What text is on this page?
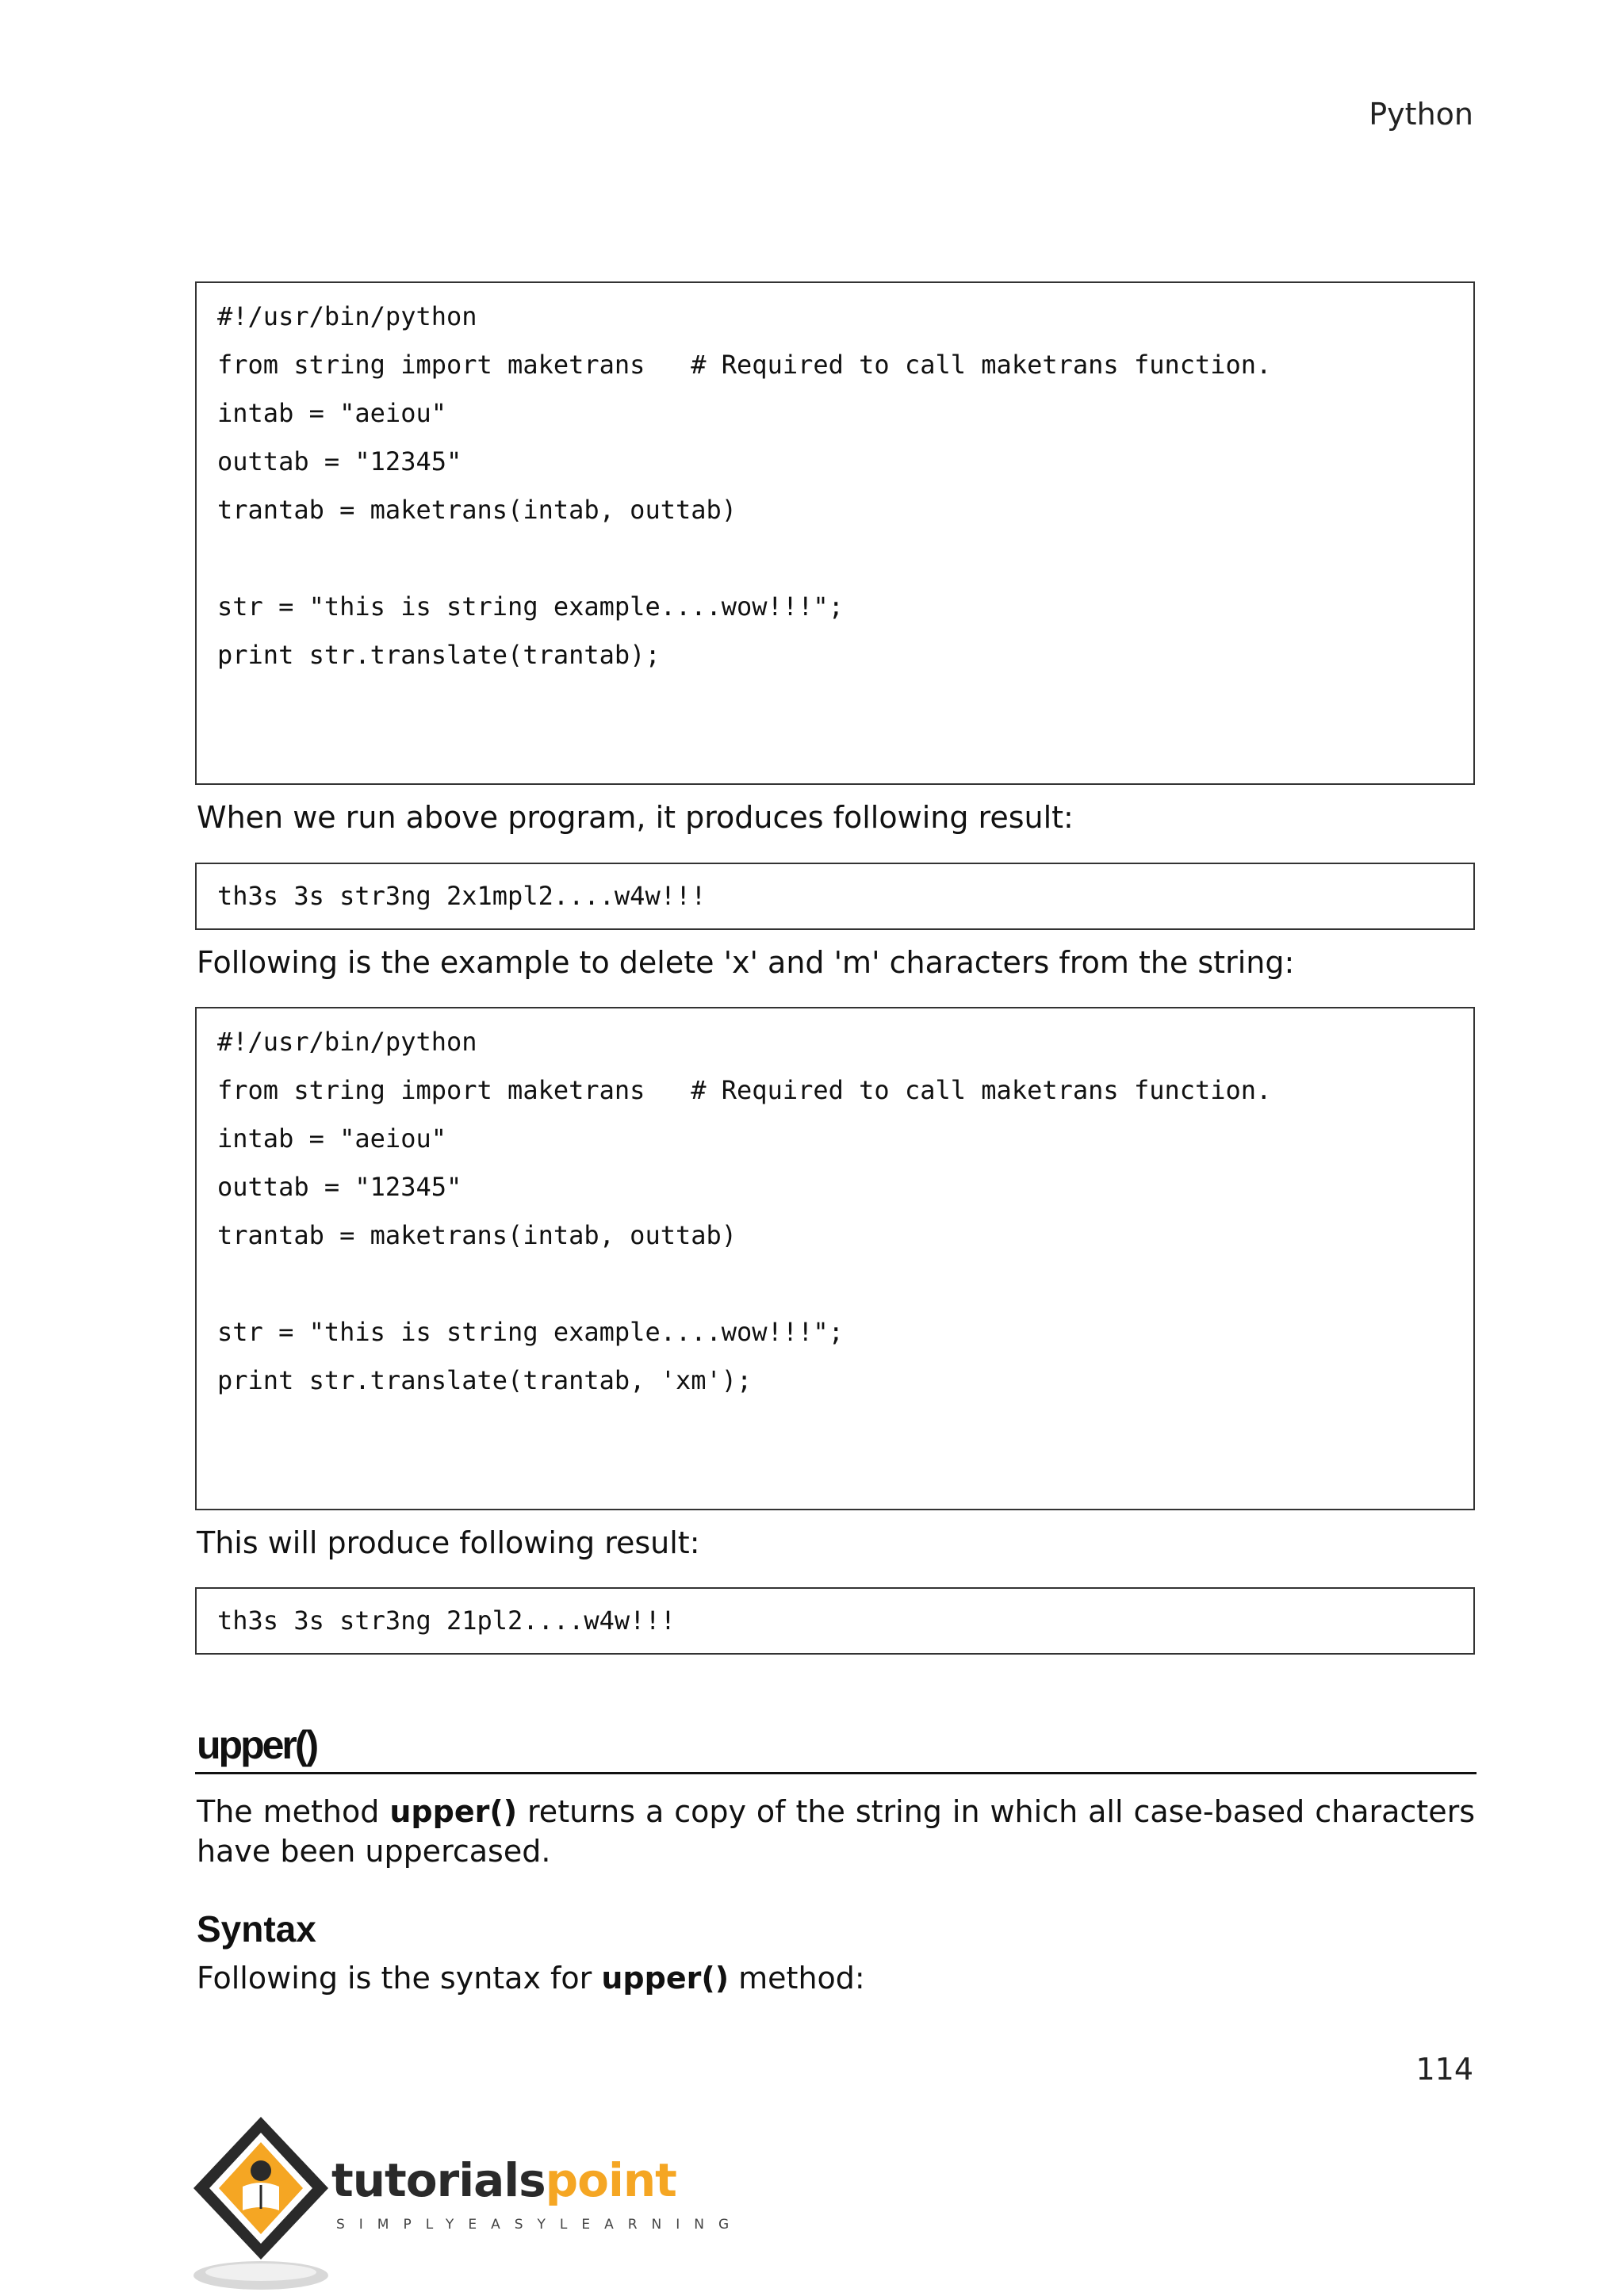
Python
#!/usr/bin/python
from string import maketrans   # Required to call maketrans function.
intab = "aeiou"
outtab = "12345"
trantab = maketrans(intab, outtab)
str = "this is string example....wow!!!";
print str.translate(trantab);
When we run above program, it produces following result:
th3s 3s str3ng 2x1mpl2....w4w!!!
Following is the example to delete 'x' and 'm' characters from the string:
#!/usr/bin/python
from string import maketrans   # Required to call maketrans function.
intab = "aeiou"
outtab = "12345"
trantab = maketrans(intab, outtab)
str = "this is string example....wow!!!";
print str.translate(trantab, 'xm');
This will produce following result:
th3s 3s str3ng 21pl2....w4w!!!
upper()
The method upper() returns a copy of the string in which all case-based characters have been uppercased.
Syntax
Following is the syntax for upper() method:
114
tutorialspoint
SIMPLYEASYLEARNING
